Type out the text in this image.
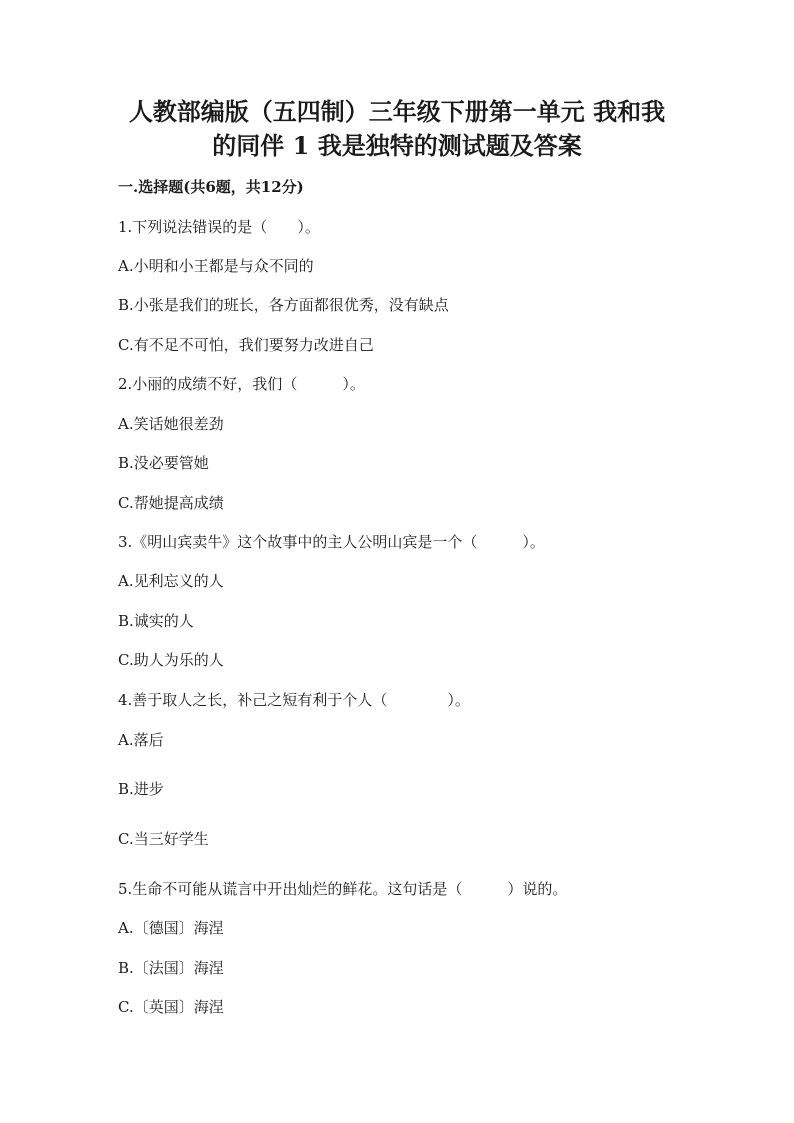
人教部编版（五四制）三年级下册第一单元 我和我
的同伴 1 我是独特的测试题及答案

一.选择题(共6题，共12分)

1.下列说法错误的是（　　）。

A.小明和小王都是与众不同的

B.小张是我们的班长，各方面都很优秀，没有缺点

C.有不足不可怕，我们要努力改进自己

2.小丽的成绩不好，我们（　　　）。

A.笑话她很差劲

B.没必要管她

C.帮她提高成绩

3.《明山宾卖牛》这个故事中的主人公明山宾是一个（　　　）。

A.见利忘义的人

B.诚实的人

C.助人为乐的人

4.善于取人之长，补己之短有利于个人（　　　　）。

A.落后

B.进步

C.当三好学生

5.生命不可能从谎言中开出灿烂的鲜花。这句话是（　　　）说的。

A.〔德国〕海涅

B.〔法国〕海涅

C.〔英国〕海涅
